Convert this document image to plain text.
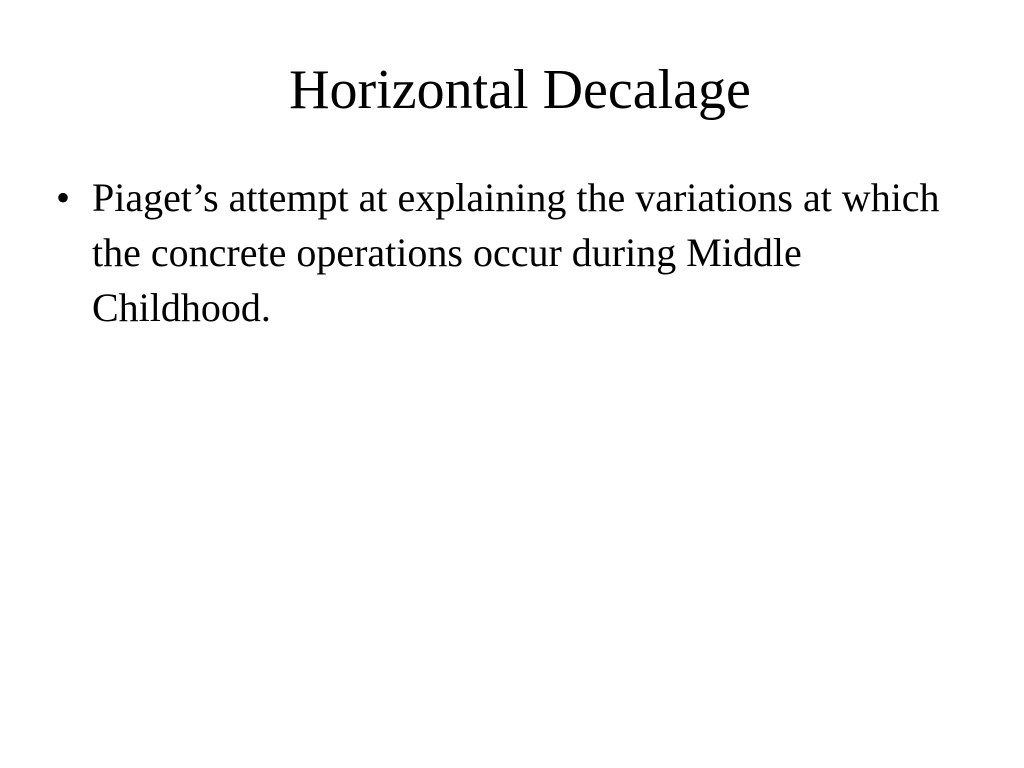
Horizontal Decalage
• Piaget’s attempt at explaining the variations at which the concrete operations occur during Middle Childhood.
